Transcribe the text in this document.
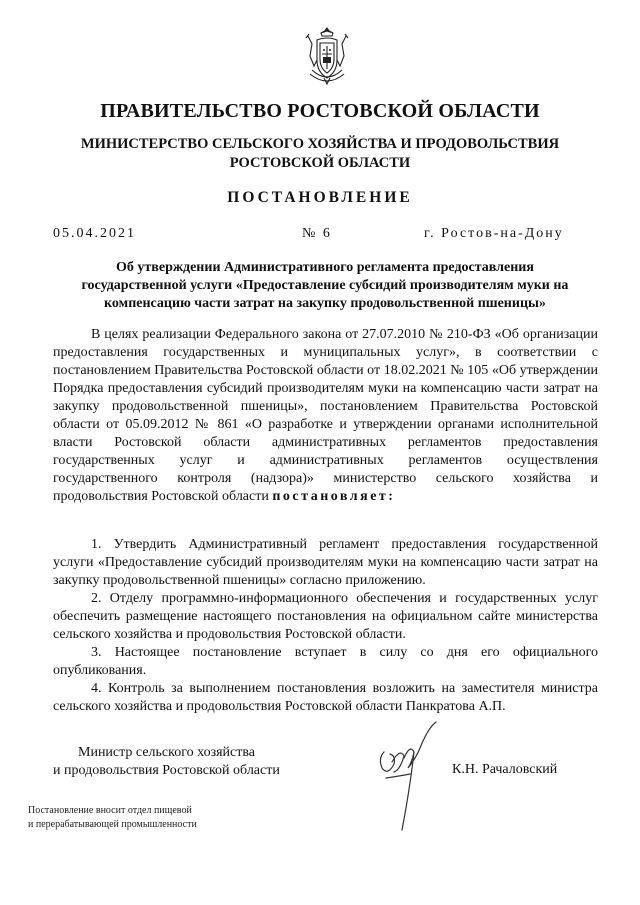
ПРАВИТЕЛЬСТВО РОСТОВСКОЙ ОБЛАСТИ
МИНИСТЕРСТВО СЕЛЬСКОГО ХОЗЯЙСТВА И ПРОДОВОЛЬСТВИЯ
РОСТОВСКОЙ ОБЛАСТИ
ПОСТАНОВЛЕНИЕ
05.04.2021	№ 6	г. Ростов-на-Дону
Об утверждении Административного регламента предоставления государственной услуги «Предоставление субсидий производителям муки на компенсацию части затрат на закупку продовольственной пшеницы»
В целях реализации Федерального закона от 27.07.2010 № 210-ФЗ «Об организации предоставления государственных и муниципальных услуг», в соответствии с постановлением Правительства Ростовской области от 18.02.2021 № 105 «Об утверждении Порядка предоставления субсидий производителям муки на компенсацию части затрат на закупку продовольственной пшеницы», постановлением Правительства Ростовской области от 05.09.2012 № 861 «О разработке и утверждении органами исполнительной власти Ростовской области административных регламентов предоставления государственных услуг и административных регламентов осуществления государственного контроля (надзора)» министерство сельского хозяйства и продовольствия Ростовской области постановляет:
1. Утвердить Административный регламент предоставления государственной услуги «Предоставление субсидий производителям муки на компенсацию части затрат на закупку продовольственной пшеницы» согласно приложению.
2. Отделу программно-информационного обеспечения и государственных услуг обеспечить размещение настоящего постановления на официальном сайте министерства сельского хозяйства и продовольствия Ростовской области.
3. Настоящее постановление вступает в силу со дня его официального опубликования.
4. Контроль за выполнением постановления возложить на заместителя министра сельского хозяйства и продовольствия Ростовской области Панкратова А.П.
Министр сельского хозяйства
и продовольствия Ростовской области	К.Н. Рачаловский
Постановление вносит отдел пищевой
и перерабатывающей промышленности
